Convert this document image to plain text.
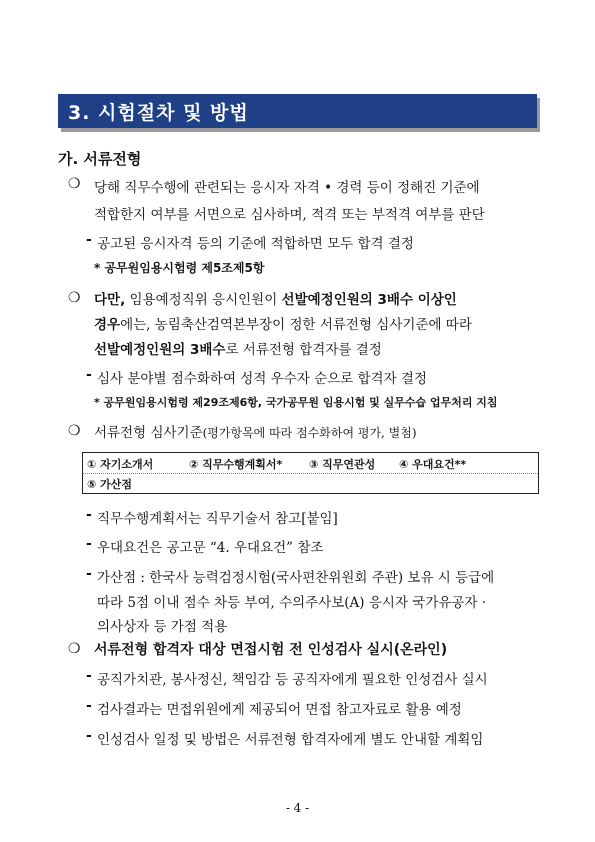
3. 시험절차 및 방법
가. 서류전형
❍ 당해 직무수행에 관련되는 응시자 자격 • 경력 등이 정해진 기준에
적합한지 여부를 서면으로 심사하며, 적격 또는 부적격 여부를 판단
- 공고된 응시자격 등의 기준에 적합하면 모두 합격 결정
* 공무원임용시험령 제5조제5항
❍ 다만, 임용예정직위 응시인원이 선발예정인원의 3배수 이상인
경우에는, 농림축산검역본부장이 정한 서류전형 심사기준에 따라
선발예정인원의 3배수로 서류전형 합격자를 결정
- 심사 분야별 점수화하여 성적 우수자 순으로 합격자 결정
* 공무원임용시험령 제29조제6항, 국가공무원 임용시험 및 실무수습 업무처리 지침
❍ 서류전형 심사기준(평가항목에 따라 점수화하여 평가, 별첨)
① 자기소개서	② 직무수행계획서* ③ 직무연관성 ④ 우대요건**
⑤ 가산점
- 직무수행계획서는 직무기술서 참고[붙임]
- 우대요건은 공고문 “4. 우대요건” 참조
- 가산점 : 한국사 능력검정시험(국사편찬위원회 주관) 보유 시 등급에
따라 5점 이내 점수 차등 부여, 수의주사보(A) 응시자 국가유공자 ·
의사상자 등 가점 적용
❍ 서류전형 합격자 대상 면접시험 전 인성검사 실시(온라인)
- 공직가치관, 봉사정신, 책임감 등 공직자에게 필요한 인성검사 실시
- 검사결과는 면접위원에게 제공되어 면접 참고자료로 활용 예정
- 인성검사 일정 및 방법은 서류전형 합격자에게 별도 안내할 계획임
- 4 -
